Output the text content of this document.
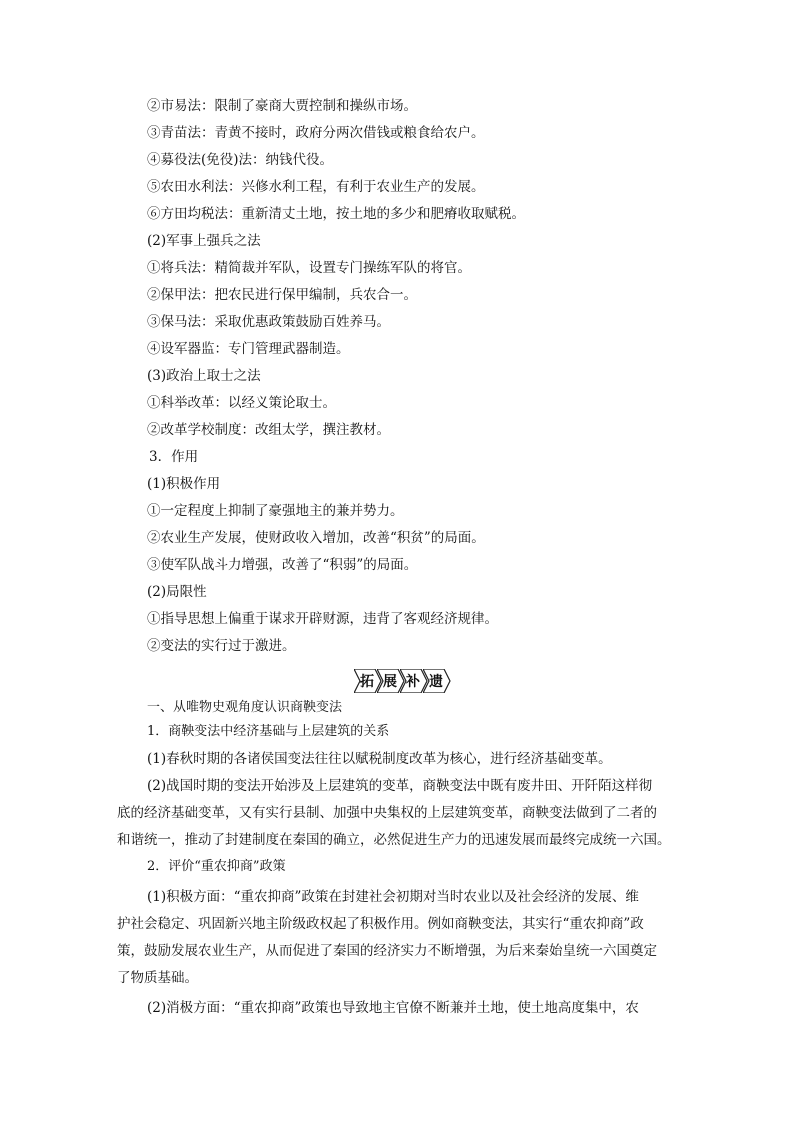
②市易法：限制了豪商大贾控制和操纵市场。
③青苗法：青黄不接时，政府分两次借钱或粮食给农户。
④募役法(免役)法：纳钱代役。
⑤农田水利法：兴修水利工程，有利于农业生产的发展。
⑥方田均税法：重新清丈土地，按土地的多少和肥瘠收取赋税。
(2)军事上强兵之法
①将兵法：精简裁并军队，设置专门操练军队的将官。
②保甲法：把农民进行保甲编制，兵农合一。
③保马法：采取优惠政策鼓励百姓养马。
④设军器监：专门管理武器制造。
(3)政治上取士之法
①科举改革：以经义策论取士。
②改革学校制度：改组太学，撰注教材。
3．作用
(1)积极作用
①一定程度上抑制了豪强地主的兼并势力。
②农业生产发展，使财政收入增加，改善“积贫”的局面。
③使军队战斗力增强，改善了“积弱”的局面。
(2)局限性
①指导思想上偏重于谋求开辟财源，违背了客观经济规律。
②变法的实行过于激进。
拓 展 补 遗
一、从唯物史观角度认识商鞅变法
1．商鞅变法中经济基础与上层建筑的关系
(1)春秋时期的各诸侯国变法往往以赋税制度改革为核心，进行经济基础变革。
(2)战国时期的变法开始涉及上层建筑的变革，商鞅变法中既有废井田、开阡陌这样彻
底的经济基础变革，又有实行县制、加强中央集权的上层建筑变革，商鞅变法做到了二者的
和谐统一，推动了封建制度在秦国的确立，必然促进生产力的迅速发展而最终完成统一六国。
2．评价“重农抑商”政策
(1)积极方面：“重农抑商”政策在封建社会初期对当时农业以及社会经济的发展、维
护社会稳定、巩固新兴地主阶级政权起了积极作用。例如商鞅变法，其实行“重农抑商”政
策，鼓励发展农业生产，从而促进了秦国的经济实力不断增强，为后来秦始皇统一六国奠定
了物质基础。
(2)消极方面：“重农抑商”政策也导致地主官僚不断兼并土地，使土地高度集中，农
